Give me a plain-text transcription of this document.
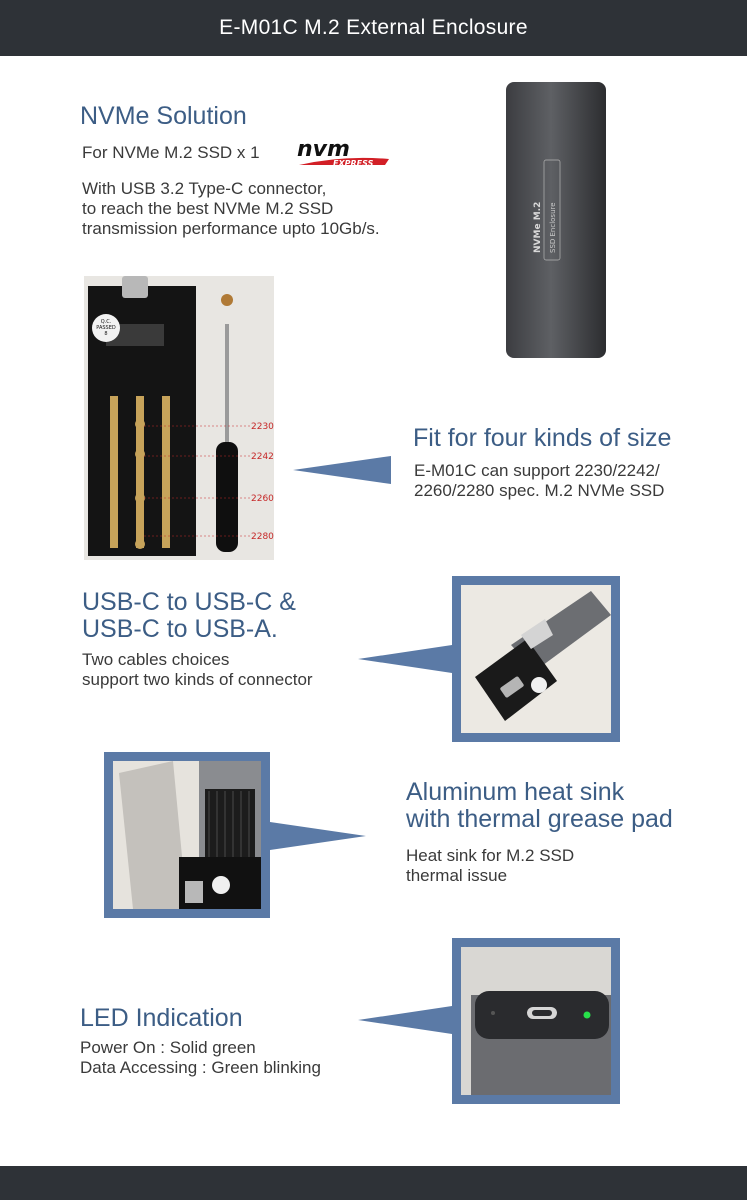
E-M01C M.2 External Enclosure
NVMe Solution
For NVMe M.2 SSD x 1 nvm
EXPRESS
With USB 3.2 Type-C connector,
to reach the best NVMe M.2 SSD
transmission performance upto 10Gb/s.	NVMe M.2 SSD Enclosure
Q.C.
PASSED
8
2230
2242
2260
2280
Fit for four kinds of size
E-M01C can support 2230/2242/
2260/2280 spec. M.2 NVMe SSD
USB-C to USB-C &
USB-C to USB-A.
Two cables choices
support two kinds of connector
Aluminum heat sink
with thermal grease pad
Heat sink for M.2 SSD
thermal issue
LED Indication
Power On : Solid green
Data Accessing : Green blinking
